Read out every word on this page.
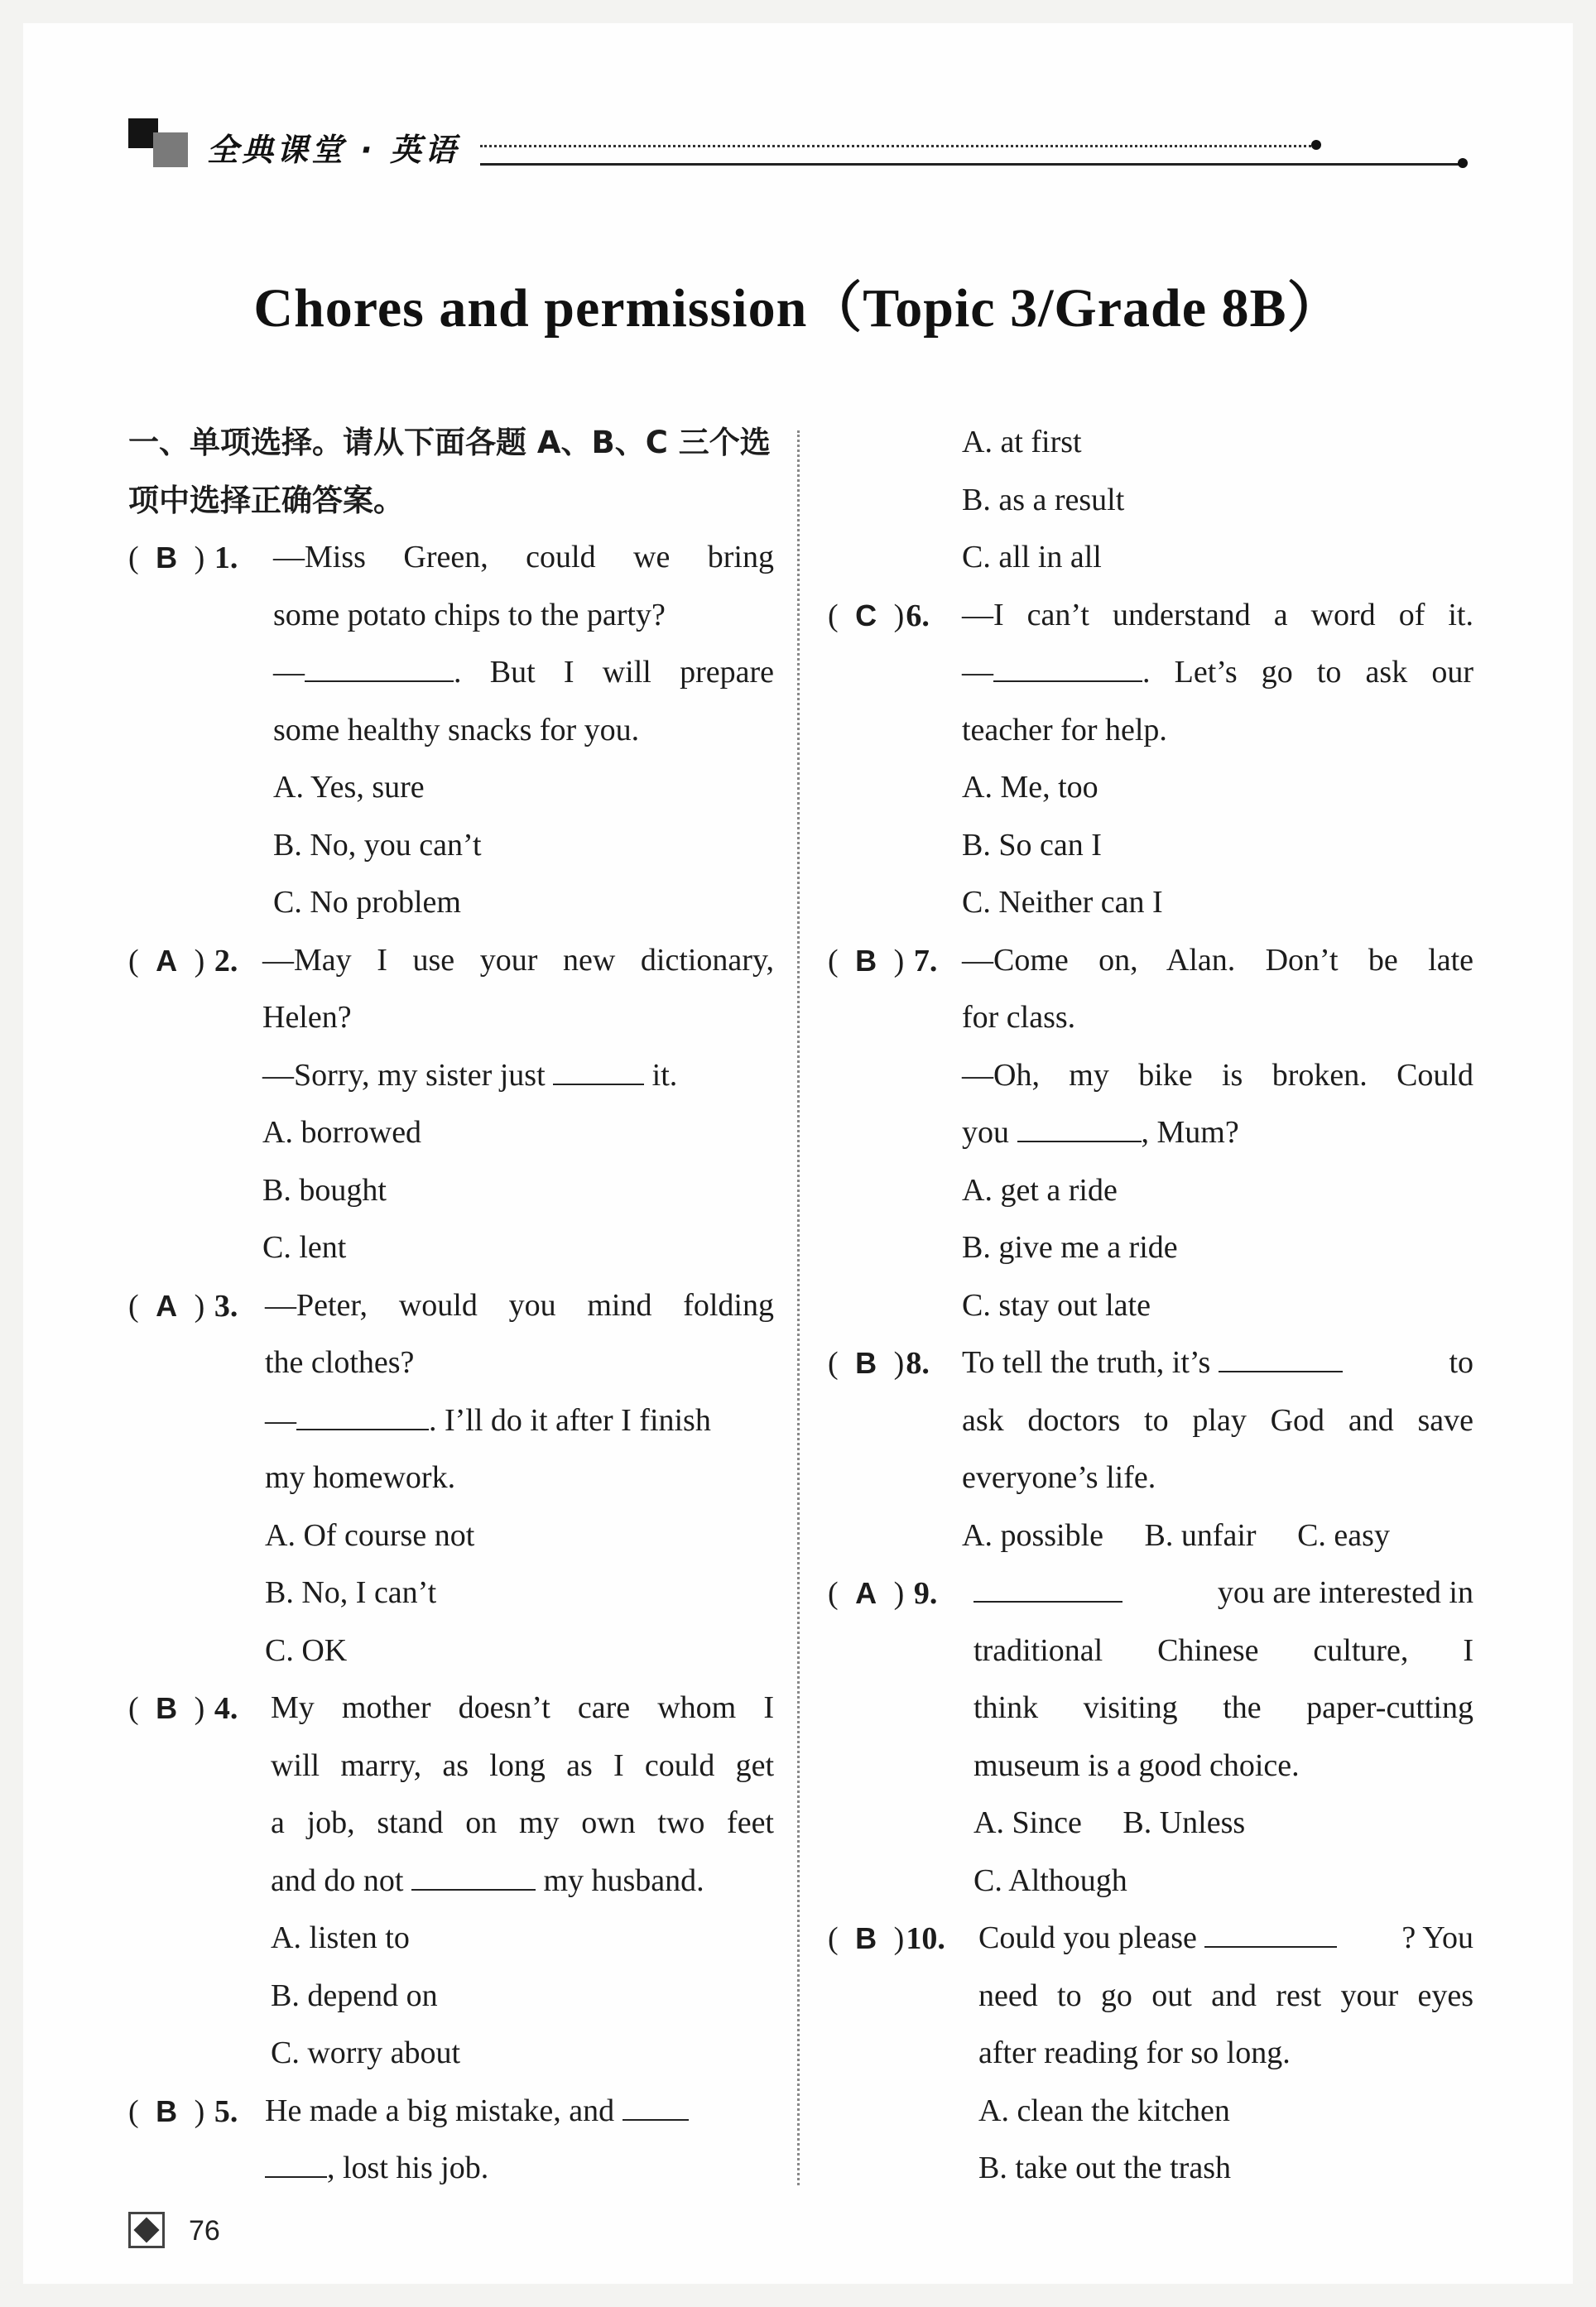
全典课堂 · 英语
Chores and permission（Topic 3/Grade 8B）
一、单项选择。请从下面各题 A、B、C 三个选
项中选择正确答案。
( B ) 1. —Miss Green, could we bring
some potato chips to the party?
—	. But I will prepare
some healthy snacks for you.
A. Yes, sure
B. No, you can’t
C. No problem
( A ) 2. —May I use your new dictionary,
Helen?
—Sorry, my sister just	it.
A. borrowed
B. bought
C. lent
( A ) 3. —Peter, would you mind folding
the clothes?
—	. I’ll do it after I finish
my homework.
A. Of course not
B. No, I can’t
C. OK
( B ) 4. My mother doesn’t care whom I
will marry, as long as I could get
a job, stand on my own two feet
and do not	my husband.
A. listen to
B. depend on
C. worry about
( B ) 5. He made a big mistake, and
, lost his job.
A. at first
B. as a result
C. all in all
( C )6. —I can’t understand a word of it.
—	. Let’s go to ask our
teacher for help.
A. Me, too
B. So can I
C. Neither can I
( B ) 7. —Come on, Alan. Don’t be late
for class.
—Oh, my bike is broken. Could
you	, Mum?
A. get a ride
B. give me a ride
C. stay out late
( B )8. To tell the truth, it’s	to
ask doctors to play God and save
everyone’s life.
A. possible B. unfair C. easy
( A ) 9.	you are interested in
traditional Chinese culture, I
think visiting the paper-cutting
museum is a good choice.
A. Since B. Unless
C. Although
( B )10. Could you please	? You
need to go out and rest your eyes
after reading for so long.
A. clean the kitchen
B. take out the trash
76
